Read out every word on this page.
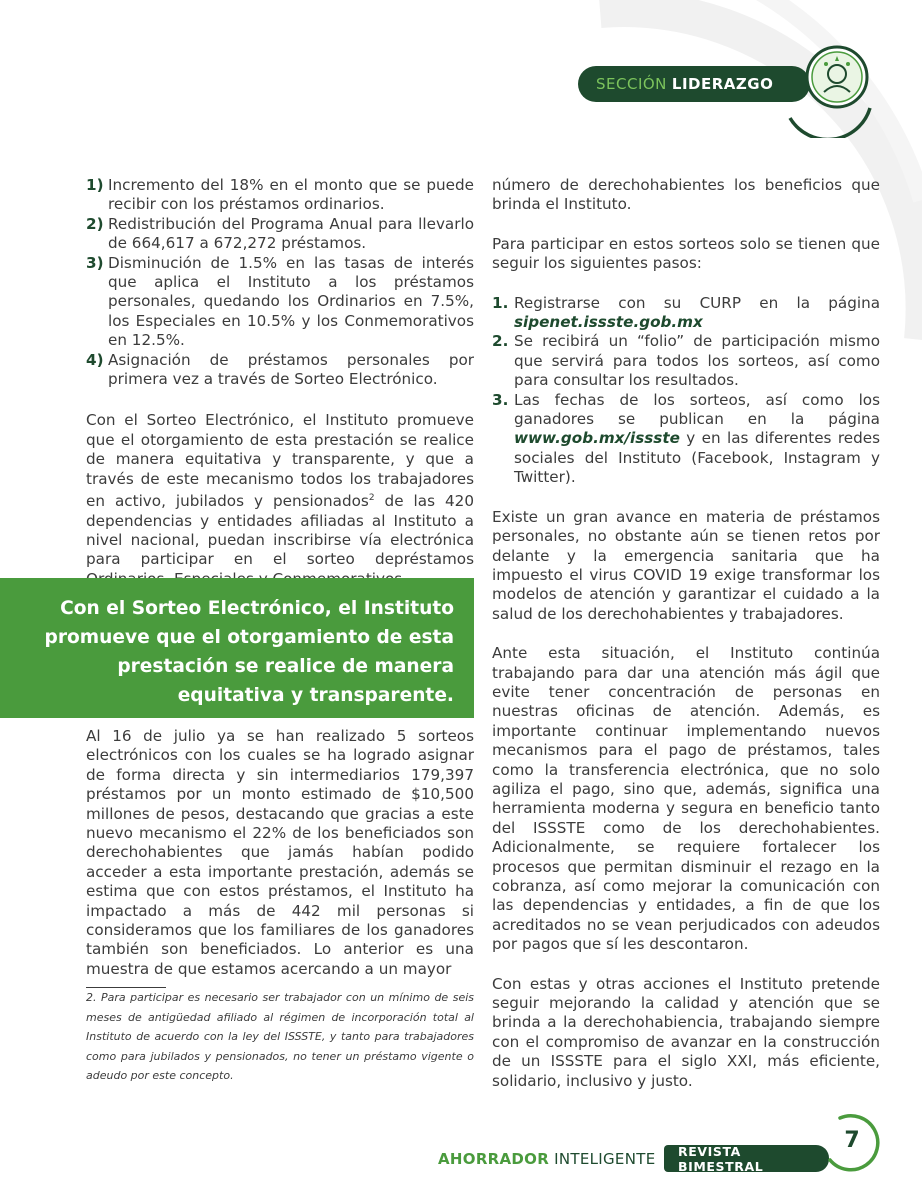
SECCIÓN LIDERAZGO
1) Incremento del 18% en el monto que se puede recibir con los préstamos ordinarios.
2) Redistribución del Programa Anual para llevarlo de 664,617 a 672,272 préstamos.
3) Disminución de 1.5% en las tasas de interés que aplica el Instituto a los préstamos personales, quedando los Ordinarios en 7.5%, los Especiales en 10.5% y los Conmemorativos en 12.5%.
4) Asignación de préstamos personales por primera vez a través de Sorteo Electrónico.

Con el Sorteo Electrónico, el Instituto promueve que el otorgamiento de esta prestación se realice de manera equitativa y transparente, y que a través de este mecanismo todos los trabajadores en activo, jubilados y pensionados$^2$ de las 420 dependencias y entidades afiliadas al Instituto a nivel nacional, puedan inscribirse vía electrónica para participar en el sorteo depréstamos

Con el Sorteo Electrónico, el Instituto promueve que el otorgamiento de esta prestación se realice de manera equitativa y transparente.

Al 16 de julio ya se han realizado 5 sorteos electrónicos con los cuales se ha logrado asignar de forma directa y sin intermediarios 179,397 préstamos por un monto estimado de $10,500 millones de pesos, destacando que gracias a este nuevo mecanismo el 22% de los beneficiados son derechohabientes que jamás habían podido acceder a esta importante prestación, además se estima que con estos préstamos, el Instituto ha impactado a más de 442 mil personas si consideramos que los familiares de los ganadores también son beneficiados. Lo anterior es una muestra de que estamos acercando a un mayor

2. Para participar es necesario ser trabajador con un mínimo de seis meses de antigüedad afiliado al régimen de incorporación total al Instituto de acuerdo con la ley del ISSSTE, y tanto para trabajadores como para jubilados y pensionados, no tener un préstamo vigente o adeudo por este concepto.

número de derechohabientes los beneficios que brinda el Instituto.

Para participar en estos sorteos solo se tienen que seguir los siguientes pasos:

1. Registrarse con su CURP en la página sipenet.issste.gob.mx
2. Se recibirá un “folio” de participación mismo que servirá para todos los sorteos, así como para consultar los resultados.
3. Las fechas de los sorteos, así como los ganadores se publican en la página www.gob.mx/issste y en las diferentes redes sociales del Instituto (Facebook, Instagram y Twitter).

Existe un gran avance en materia de préstamos personales, no obstante aún se tienen retos por delante y la emergencia sanitaria que ha impuesto el virus COVID 19 exige transformar los modelos de atención y garantizar el cuidado a la salud de los derechohabientes y trabajadores.

Ante esta situación, el Instituto continúa trabajando para dar una atención más ágil que evite tener concentración de personas en nuestras oficinas de atención. Además, es importante continuar implementando nuevos mecanismos para el pago de préstamos, tales como la transferencia electrónica, que no solo agiliza el pago, sino que, además, significa una herramienta moderna y segura en beneficio tanto del ISSSTE como de los derechohabientes. Adicionalmente, se requiere fortalecer los procesos que permitan disminuir el rezago en la cobranza, así como mejorar la comunicación con las dependencias y entidades, a fin de que los acreditados no se vean perjudicados con adeudos por pagos que sí les descontaron.

Con estas y otras acciones el Instituto pretende seguir mejorando la calidad y atención que se brinda a la derechohabiencia, trabajando siempre con el compromiso de avanzar en la construcción de un ISSSTE para el siglo XXI, más eficiente, solidario, inclusivo y justo.

AHORRADOR INTELIGENTE	REVISTA BIMESTRAL
7
